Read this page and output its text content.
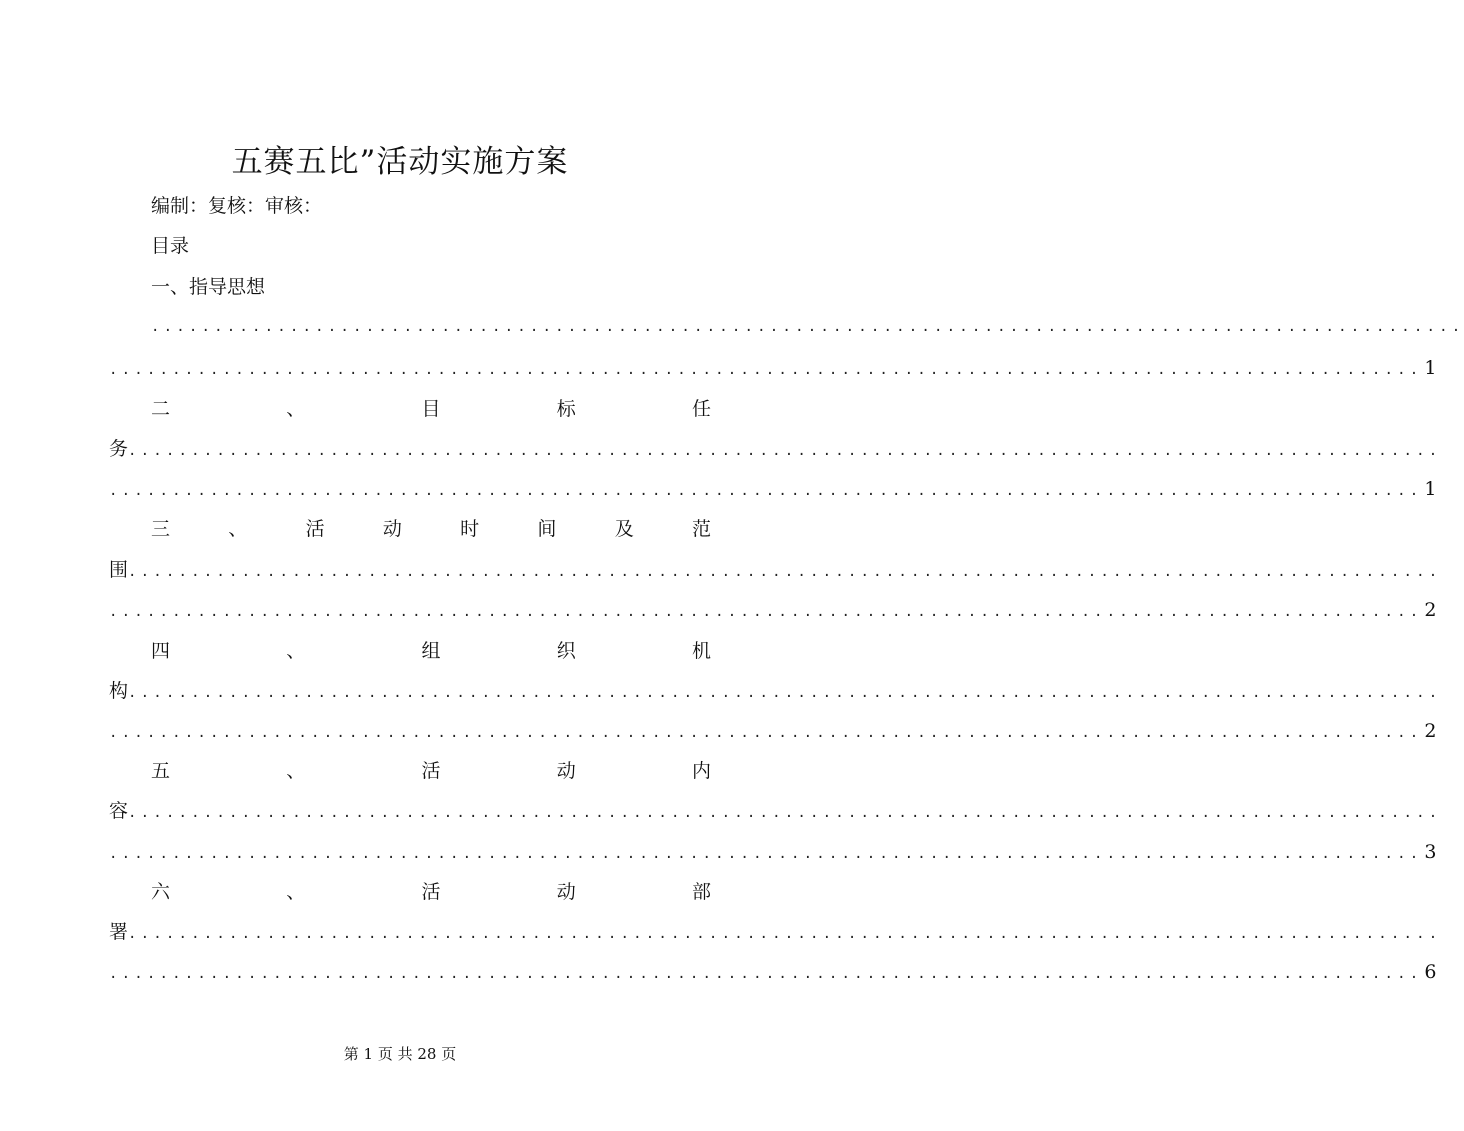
五赛五比”活动实施方案
编制：复核：审核：
目录
一、指导思想
........................................................................................................
........................................................................................................ 1
二	、	目	标	任
务 ........................................................................................................
........................................................................................................ 1
三	、	活	动	时	间	及	范
围 ........................................................................................................
........................................................................................................ 2
四	、	组	织	机
构 ........................................................................................................
........................................................................................................ 2
五	、	活	动	内
容 ........................................................................................................
........................................................................................................ 3
六	、	活	动	部
署 ........................................................................................................
........................................................................................................ 6
第 1 页 共 28 页
